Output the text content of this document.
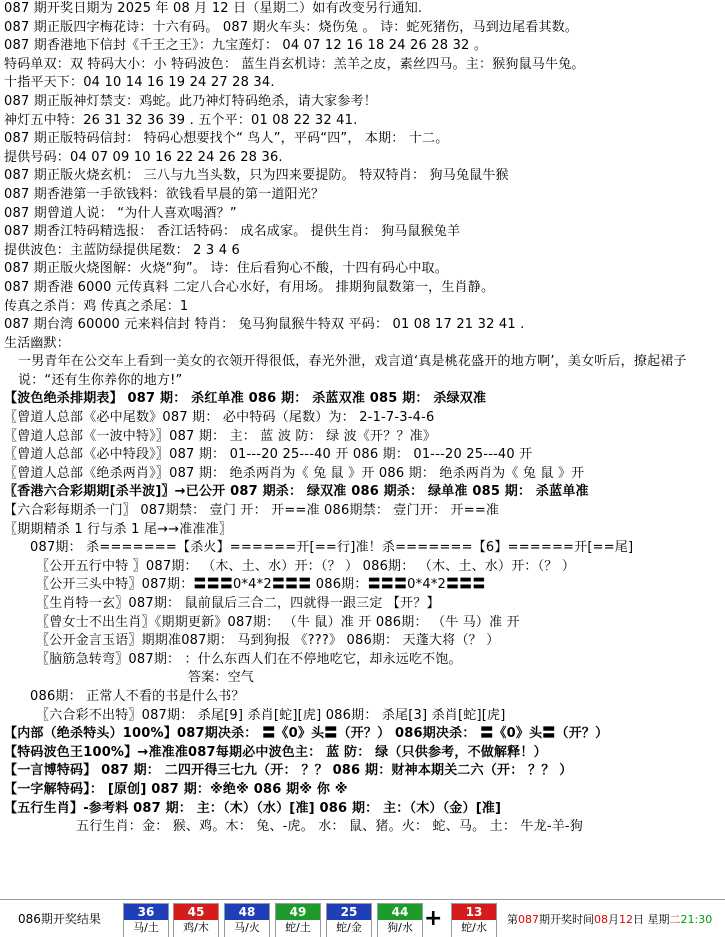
087 期开奖日期为 2025 年 08 月 12 日（星期二）如有改变另行通知.
087 期正版四字梅花诗：十六有码。 087 期火车头：烧伤兔 。 诗：蛇死猪伤，马到边尾看其数。
087 期香港地下信封《千王之王》：九宝莲灯： 04 07 12 16 18 24 26 28 32 。
特码单双：双 特码大小：小 特码波色： 蓝生肖玄机诗：羔羊之皮，素丝四马。主：猴狗鼠马牛兔。
十指平天下：04 10 14 16 19 24 27 28 34.
087 期正版神灯禁支：鸡蛇。此乃神灯特码绝杀，请大家参考！
神灯五中特：26 31 32 36 39 . 五个平：01 08 22 32 41.
087 期正版特码信封： 特码心想要找个“ 鸟人”，平码“四”， 本期： 十二。
提供号码：04 07 09 10 16 22 24 26 28 36.
087 期正版火烧玄机： 三八与九当头数，只为四来要提防。 特双特肖： 狗马兔鼠牛猴
087 期香港第一手欲钱料：欲钱看早晨的第一道阳光？
087 期曾道人说： “为什人喜欢喝酒？”
087 期香江特码精选报： 香江话特码： 成名成家。 提供生肖： 狗马鼠猴兔羊
提供波色：主蓝防绿提供尾数： 2 3 4 6
087 期正版火烧图解：火烧“狗”。 诗：住后看狗心不酸，十四有码心中取。
087 期香港 6000 元传真料 二定八合心水好，有用场。 排期狗鼠数第一，生肖静。
传真之杀肖：鸡 传真之杀尾：1
087 期台湾 60000 元来料信封 特肖： 兔马狗鼠猴牛特双 平码： 01 08 17 21 32 41 .
生活幽默：
一男青年在公交车上看到一美女的衣领开得很低，春光外泄，戏言道‘真是桃花盛开的地方啊’，美女听后，撩起裙子说：“还有生你养你的地方!”
【波色绝杀排期表】 087 期： 杀红单准 086 期： 杀蓝双准 085 期： 杀绿双准
〖曾道人总部《必中尾数》087 期： 必中特码（尾数）为： 2-1-7-3-4-6
〖曾道人总部《一波中特》〗087 期： 主： 蓝 波 防： 绿 波《开？？准》
〖曾道人总部《必中特段》〗087 期： 01---20 25---40 开 086 期： 01---20 25---40 开
〖曾道人总部《绝杀两肖》〗087 期： 绝杀两肖为《 兔 鼠 》开 086 期： 绝杀两肖为《 兔 鼠 》开
〖香港六合彩期期[杀半波]〗→已公开 087 期杀： 绿双准 086 期杀： 绿单准 085 期： 杀蓝单准
【六合彩每期杀一门〗 087期禁： 壹门 开： 开==准 086期禁： 壹门开： 开==准
〖期期精杀 1 行与杀 1 尾→→准准准〗
087期： 杀=======【杀火】======开[==行]准！杀=======【6】======开[==尾]
〖公开五行中特 〗087期： （木、土、水）开：（？ ） 086期： （木、土、水）开：（？ ）
〖公开三头中特〗087期：〓〓〓0*4*2〓〓〓 086期：〓〓〓0*4*2〓〓〓
〖生肖特一玄〗087期： 鼠前鼠后三合二，四就得一跟三定 【开？】
〖曾女士不出生肖〗《期期更新》087期： （牛 鼠）准 开 086期： （牛 马）准 开
〖公开金言玉语〗期期准087期： 马到狗报 《???》 086期： 天蓬大将（？ ）
〖脑筋急转弯〗087期： ：什么东西人们在不停地吃它，却永远吃不饱。
答案：空气
086期： 正常人不看的书是什么书？
〖六合彩不出特〗087期： 杀尾[9] 杀肖[蛇][虎] 086期： 杀尾[3] 杀肖[蛇][虎]
【内部（绝杀特头）100%】087期决杀： 〓《0》头〓（开？） 086期决杀： 〓《0》头〓（开？）
【特码波色王100%】→准准准087每期必中波色主： 蓝 防： 绿（只供参考，不做解释！）
【一言博特码】 087 期： 二四开得三七九（开： ？？ 086 期：财神本期关二六（开： ？？ ）
【一字解特码】： [原创] 087 期：※绝※ 086 期※ 你 ※
【五行生肖】-参考料 087 期： 主：（木）（水）[准] 086 期： 主：（木）（金）[准]
五行生肖：金： 猴、鸡。木： 兔、-虎。 水： 鼠、猪。火： 蛇、马。 土： 牛龙-羊-狗
086期开奖结果	36
马/土
45
鸡/木
48
马/火
49
蛇/土
25
蛇/金
44
狗/水 +	13
蛇/水
第087期开奖时间08月12日 星期二21:30
